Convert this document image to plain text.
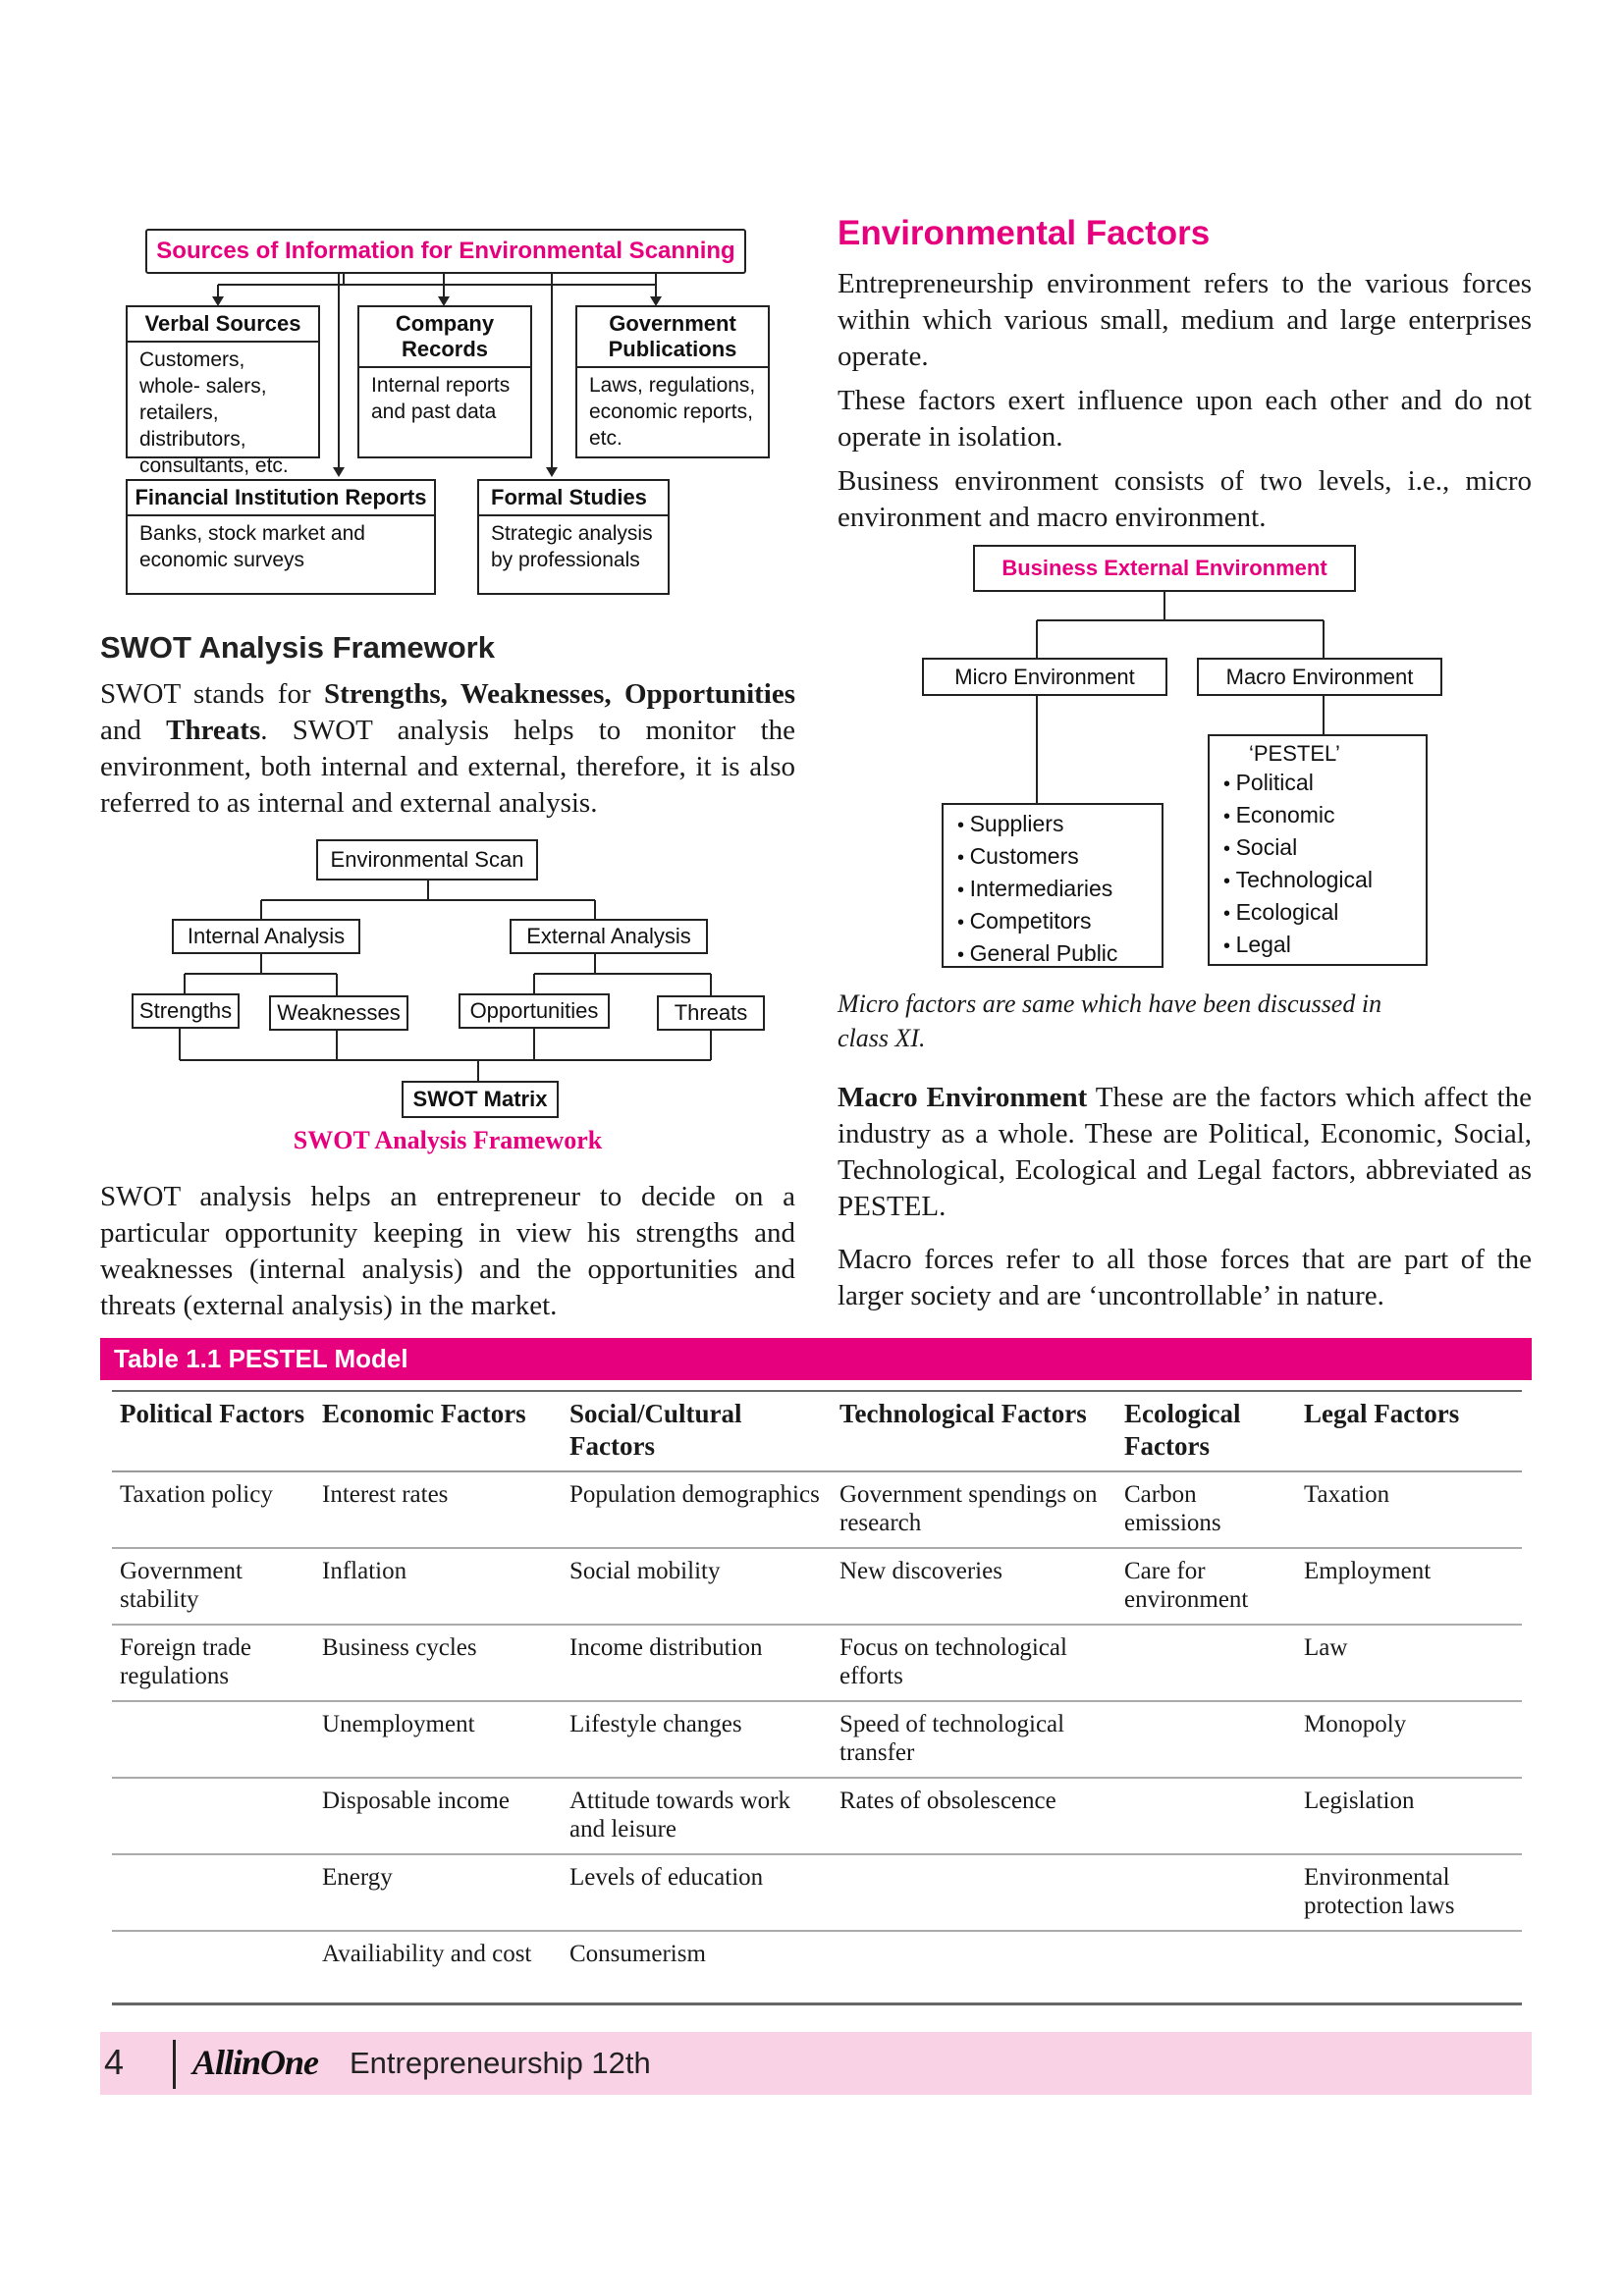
Sources of Information for Environmental Scanning
Verbal Sources
Customers, whole- salers, retailers, distributors, consultants, etc.
Company Records
Internal reports and past data
Government Publications
Laws, regulations, economic reports, etc.
Financial Institution Reports
Banks, stock market and economic surveys
Formal Studies
Strategic analysis by professionals
SWOT Analysis Framework

SWOT stands for Strengths, Weaknesses, Opportunities and Threats. SWOT analysis helps to monitor the environment, both internal and external, therefore, it is also referred to as internal and external analysis.

Environmental Scan
Internal Analysis	External Analysis
Strengths	Weaknesses	Opportunities	Threats
SWOT Matrix
SWOT Analysis Framework

SWOT analysis helps an entrepreneur to decide on a particular opportunity keeping in view his strengths and weaknesses (internal analysis) and the opportunities and threats (external analysis) in the market.

Environmental Factors

Entrepreneurship environment refers to the various forces within which various small, medium and large enterprises operate.

These factors exert influence upon each other and do not operate in isolation.

Business environment consists of two levels, i.e., micro environment and macro environment.

Business External Environment
Micro Environment	Macro Environment
• Suppliers
• Customers
• Intermediaries
• Competitors
• General Public
‘PESTEL’
• Political
• Economic
• Social
• Technological
• Ecological
• Legal

Micro factors are same which have been discussed in class XI.

Macro Environment These are the factors which affect the industry as a whole. These are Political, Economic, Social, Technological, Ecological and Legal factors, abbreviated as PESTEL.

Macro forces refer to all those forces that are part of the larger society and are ‘uncontrollable’ in nature.

Table 1.1 PESTEL Model
Political Factors	Economic Factors	Social/Cultural Factors	Technological Factors	Ecological Factors	Legal Factors
Taxation policy	Interest rates	Population demographics	Government spendings on research	Carbon emissions	Taxation
Government stability	Inflation	Social mobility	New discoveries	Care for environment	Employment
Foreign trade regulations	Business cycles	Income distribution	Focus on technological efforts		Law
	Unemployment	Lifestyle changes	Speed of technological transfer		Monopoly
	Disposable income	Attitude towards work and leisure	Rates of obsolescence		Legislation
	Energy	Levels of education			Environmental protection laws
	Availiability and cost	Consumerism			
4 AllinOne Entrepreneurship 12th
